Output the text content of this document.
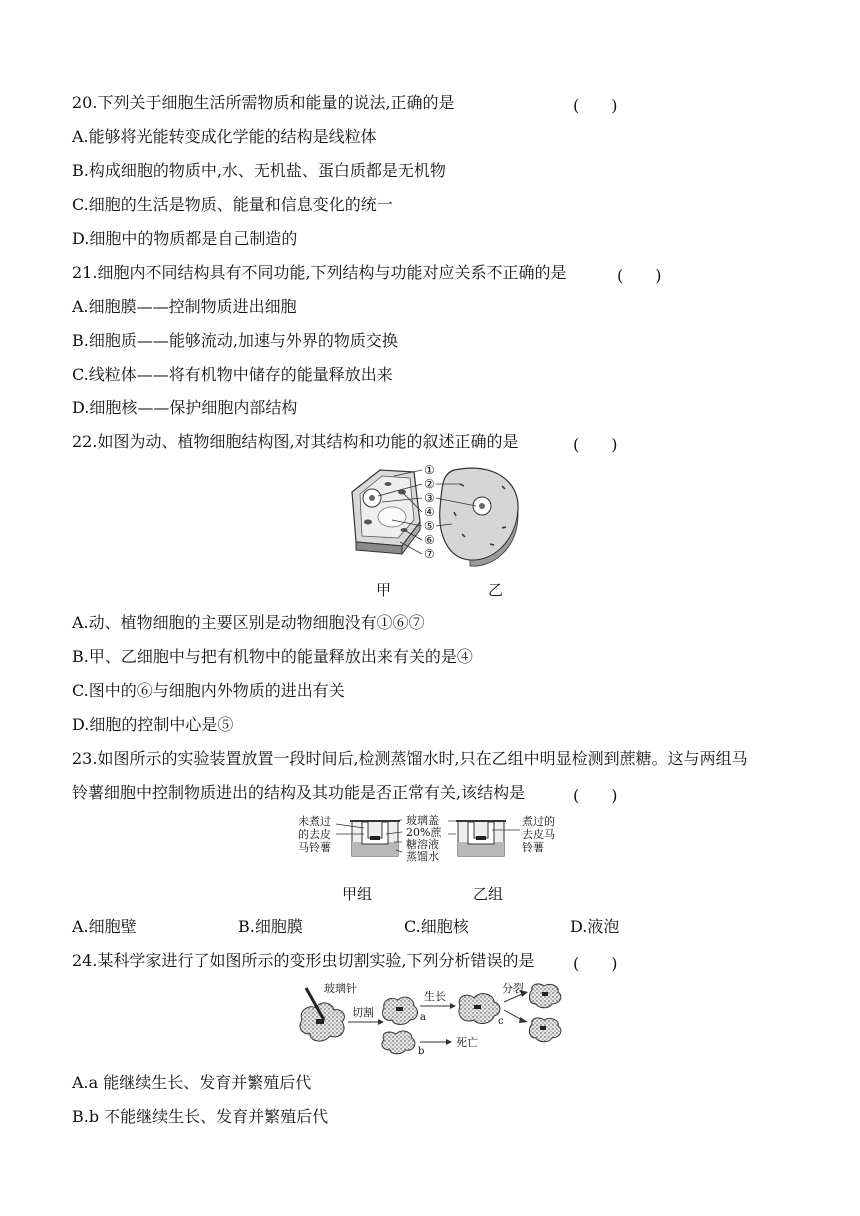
20.下列关于细胞生活所需物质和能量的说法,正确的是	(　　)
A.能够将光能转变成化学能的结构是线粒体
B.构成细胞的物质中,水、无机盐、蛋白质都是无机物
C.细胞的生活是物质、能量和信息变化的统一
D.细胞中的物质都是自己制造的
21.细胞内不同结构具有不同功能,下列结构与功能对应关系不正确的是	(　　)
A.细胞膜——控制物质进出细胞
B.细胞质——能够流动,加速与外界的物质交换
C.线粒体——将有机物中储存的能量释放出来
D.细胞核——保护细胞内部结构
22.如图为动、植物细胞结构图,对其结构和功能的叙述正确的是	(　　)
①
②
③
④
⑤
⑥
⑦
甲	乙
A.动、植物细胞的主要区别是动物细胞没有①⑥⑦
B.甲、乙细胞中与把有机物中的能量释放出来有关的是④
C.图中的⑥与细胞内外物质的进出有关
D.细胞的控制中心是⑤
23.如图所示的实验装置放置一段时间后,检测蒸馏水时,只在乙组中明显检测到蔗糖。这与两组马
铃薯细胞中控制物质进出的结构及其功能是否正常有关,该结构是	(　　)
未煮过
的去皮
马铃薯
玻璃盖
20%蔗
糖溶液
蒸馏水
煮过的
去皮马
铃薯
甲组	乙组
A.细胞壁	B.细胞膜	C.细胞核	D.液泡
24.某科学家进行了如图所示的变形虫切割实验,下列分析错误的是 (　　)
玻璃针
切割	a
b
死亡
生长
c
分裂
A.a 能继续生长、发育并繁殖后代
B.b 不能继续生长、发育并繁殖后代
